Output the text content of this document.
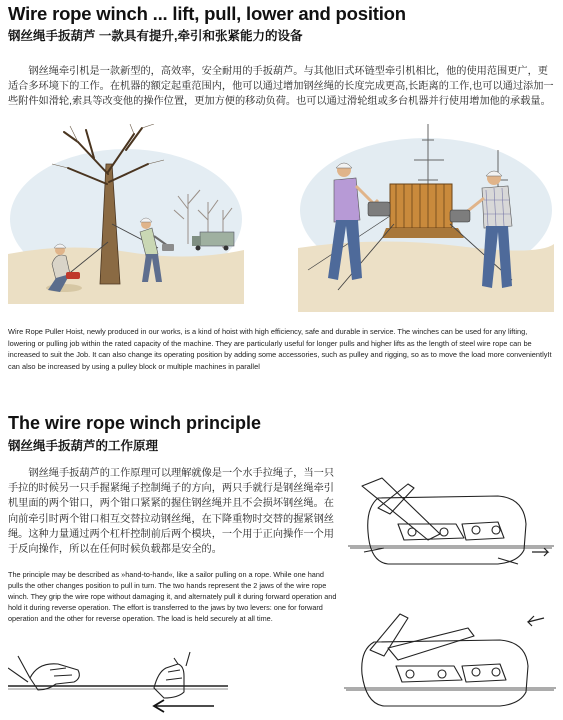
Wire rope winch ... lift, pull, lower and position
钢丝绳手扳葫芦 一款具有提升,牵引和张紧能力的设备
钢丝绳牵引机是一款新型的，高效率，安全耐用的手扳葫芦。与其他旧式环链型牵引机相比，他的使用范围更广，更适合多环境下的工作。在机器的额定起重范围内，他可以通过增加钢丝绳的长度完成更高,长距离的工作,也可以通过添加一些附件如滑轮,索具等改变他的操作位置，更加方便的移动负荷。也可以通过滑轮组或多台机器并行使用增加他的承载量。
Wire Rope Puller Hoist, newly produced in our works, is a kind of hoist with high efficiency, safe and durable in service. The winches can be used for any lifting, lowering or pulling job within the rated capacity of the machine. They are particularly useful for longer pulls and higher lifts as the length of steel wire rope can be increased to suit the Job. It can also change its operating position by adding some accessories, such as pulley and rigging, so as to move the load more convenientlyIt can also be increased by using a pulley block or multiple machines in parallel
The wire rope winch principle
钢丝绳手扳葫芦的工作原理
钢丝绳手扳葫芦的工作原理可以理解就像是一个水手拉绳子，当一只手拉的时候另一只手握紧绳子控制绳子的方向，两只手就行是钢丝绳牵引机里面的两个钳口，两个钳口紧紧的握住钢丝绳并且不会损坏钢丝绳。在向前牵引时两个钳口相互交替拉动钢丝绳，在下降重物时交替的握紧钢丝绳。这种力量通过两个杠杆控制前后两个模块，一个用于正向操作一个用于反向操作，所以在任何时候负载都是安全的。
The principle may be described as »hand-to-hand«, like a sailor pulling on a rope. While one hand pulls the other changes position to pull in turn. The two hands represent the 2 jaws of the wire rope winch. They grip the wire rope without damaging it, and alternately pull it during forward operation and hold it during reverse operation. The effort is transferred to the jaws by two levers: one for forward operation and the other for reverse operation. The load is held securely at all time.
